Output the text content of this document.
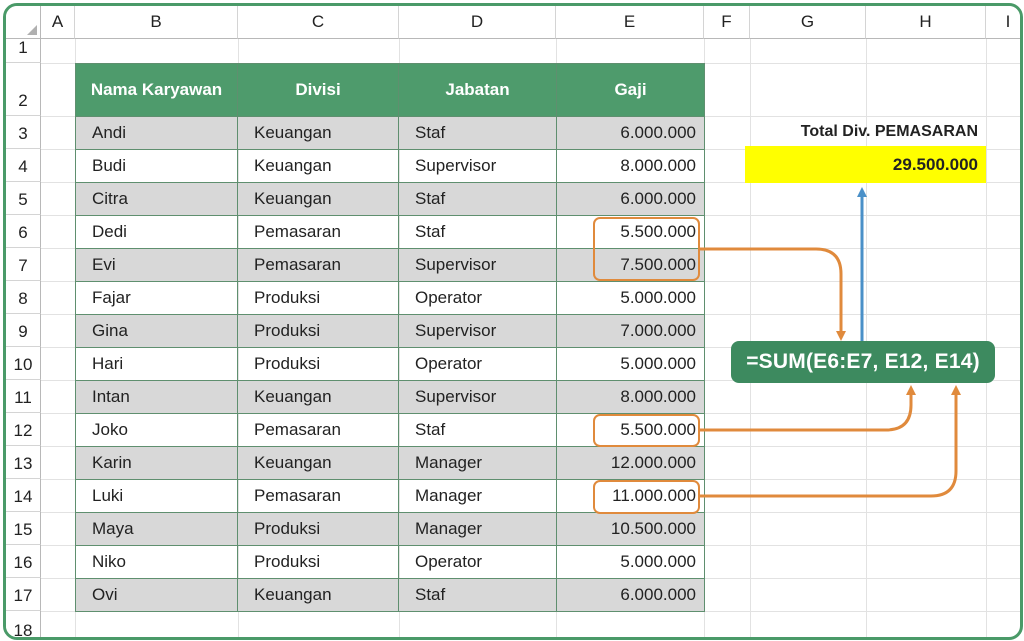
A	B	C	D	E	F	G	H	I
1
2
3
4
5
6
7
8
9
10
11
12
13
14
15
16
17
18
Nama Karyawan	Divisi	Jabatan	Gaji
Andi	Keuangan	Staf	6.000.000
Budi	Keuangan	Supervisor	8.000.000
Citra	Keuangan	Staf	6.000.000
Dedi	Pemasaran	Staf	5.500.000
Evi	Pemasaran	Supervisor	7.500.000
Fajar	Produksi	Operator	5.000.000
Gina	Produksi	Supervisor	7.000.000
Hari	Produksi	Operator	5.000.000
Intan	Keuangan	Supervisor	8.000.000
Joko	Pemasaran	Staf	5.500.000
Karin	Keuangan	Manager	12.000.000
Luki	Pemasaran	Manager	11.000.000
Maya	Produksi	Manager	10.500.000
Niko	Produksi	Operator	5.000.000
Ovi	Keuangan	Staf	6.000.000
Total Div. PEMASARAN
29.500.000
=SUM(E6:E7, E12, E14)
